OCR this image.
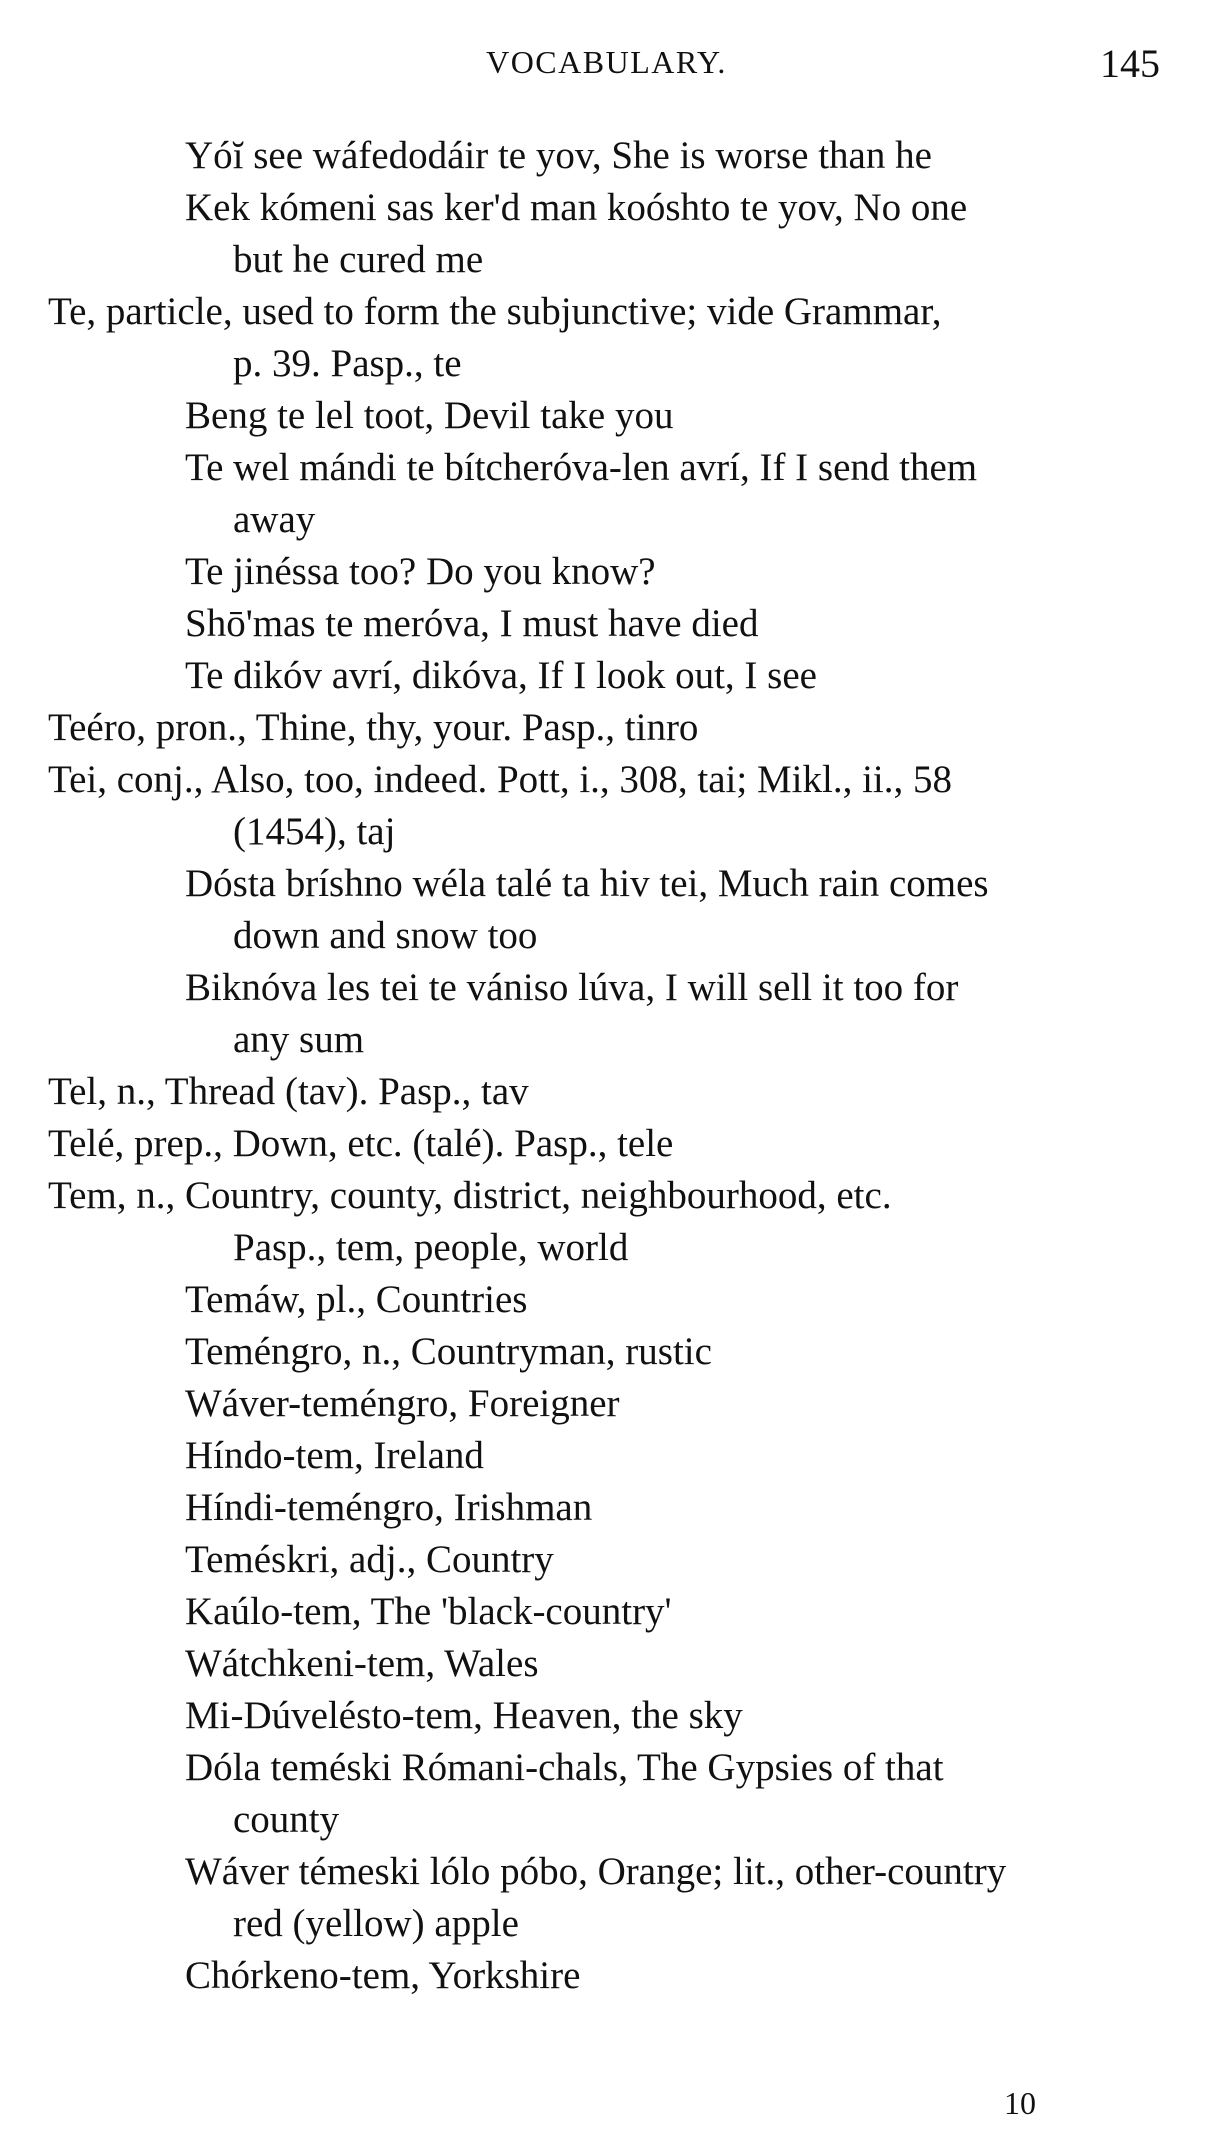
VOCABULARY.	145
Yóĭ see wáfedodáir te yov, She is worse than he
Kek kómeni sas ker'd man koóshto te yov, No one
but he cured me
Te, particle, used to form the subjunctive; vide Grammar,
p. 39. Pasp., te
Beng te lel toot, Devil take you
Te wel mándi te bítcheróva-len avrí, If I send them
away
Te jinéssa too? Do you know?
Shō'mas te meróva, I must have died
Te dikóv avrí, dikóva, If I look out, I see
Teéro, pron., Thine, thy, your. Pasp., tinro
Tei, conj., Also, too, indeed. Pott, i., 308, tai; Mikl., ii., 58
(1454), taj
Dósta bríshno wéla talé ta hiv tei, Much rain comes
down and snow too
Biknóva les tei te vániso lúva, I will sell it too for
any sum
Tel, n., Thread (tav). Pasp., tav
Telé, prep., Down, etc. (talé). Pasp., tele
Tem, n., Country, county, district, neighbourhood, etc.
Pasp., tem, people, world
Temáw, pl., Countries
Teméngro, n., Countryman, rustic
Wáver-teméngro, Foreigner
Híndo-tem, Ireland
Híndi-teméngro, Irishman
Teméskri, adj., Country
Kaúlo-tem, The 'black-country'
Wátchkeni-tem, Wales
Mi-Dúvelésto-tem, Heaven, the sky
Dóla teméski Rómani-chals, The Gypsies of that
county
Wáver témeski lólo póbo, Orange; lit., other-country
red (yellow) apple
Chórkeno-tem, Yorkshire
10
